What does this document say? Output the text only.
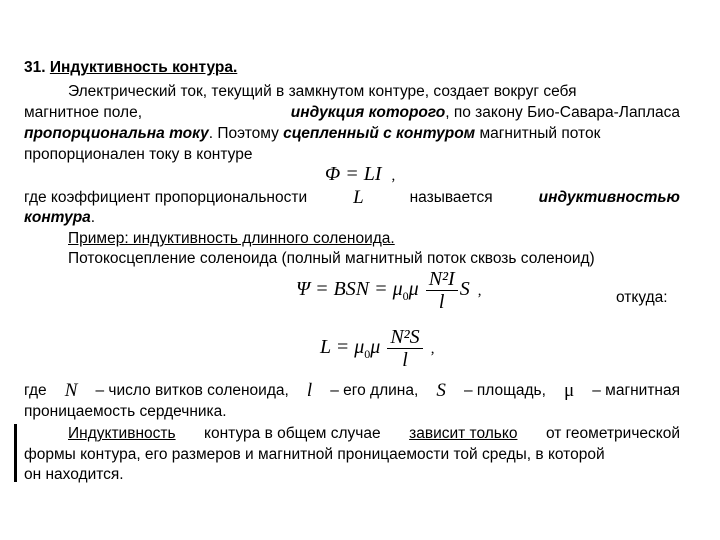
31. Индуктивность контура.
Электрический ток, текущий в замкнутом контуре, создает вокруг себя
магнитное поле,	индукция которого, по закону Био-Савара-Лапласа
пропорциональна току. Поэтому сцепленный с контуром магнитный поток
пропорционален току в контуре
Φ = LI ,
где коэффициент пропорциональности L	называется	индуктивностью
контура.
Пример: индуктивность длинного соленоида.
Потокосцепление соленоида (полный магнитный поток сквозь соленоид)
Ψ = BSN = $\mu_0\mu \frac{\text{N²I}}{l}$ S ,	откуда:
$L = \mu_0\mu \frac{\text{N²S}}{l}$ ,
где N – число витков соленоида, l – его длина, S – площадь, μ – магнитная
проницаемость сердечника.
Индуктивность контура в общем случае зависит только от геометрической
формы контура, его размеров и магнитной проницаемости той среды, в которой
он находится.
